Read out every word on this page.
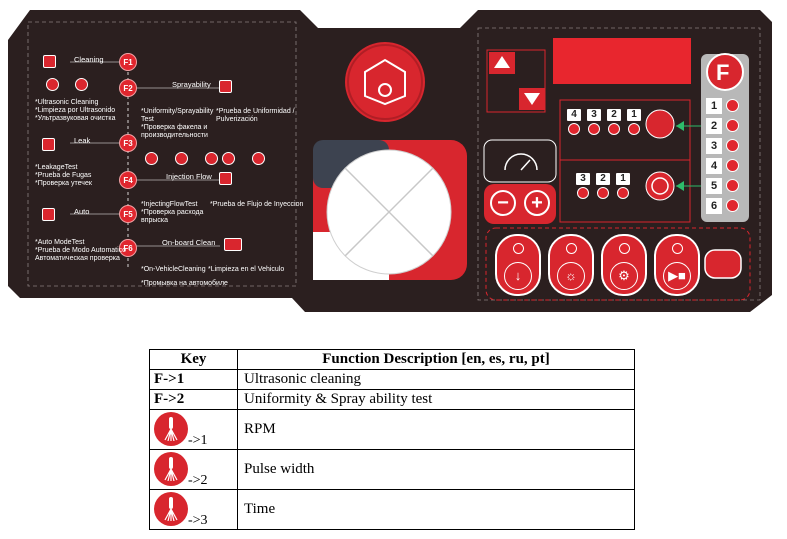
F1
F2
F3
F4
F5
F6
Cleaning
Sprayability
Leak
Injection Flow
Auto
On-board Clean
*Ultrasonic Cleaning
*Limpieza por Ultrasonido
*Ультразвуковая очистка
*Uniformity/Sprayability
Test
*Проверка факела и
производительности
*Prueba de Uniformidad /
Pulverización
*LeakageTest
*Prueba de Fugas
*Проверка утечек
*InjectingFlowTest
*Проверка расхода
впрыска
*Prueba de Flujo de Inyeccion
*Auto ModeTest
*Prueba de Modo Automatico
Автоматическая проверка
*On-VehicleCleaning
*Промывка на автомобиле
*Limpieza en el Vehiculo
F
4	3	2	1
3	2	1
1
2
3
4
5
6
−	+
↓	☼	⚙	▶■
Key	Function Description [en, es, ru, pt]
F->1	Ultrasonic cleaning
F->2	Uniformity & Spray ability test

->1	RPM

->2	Pulse width

->3	Time
